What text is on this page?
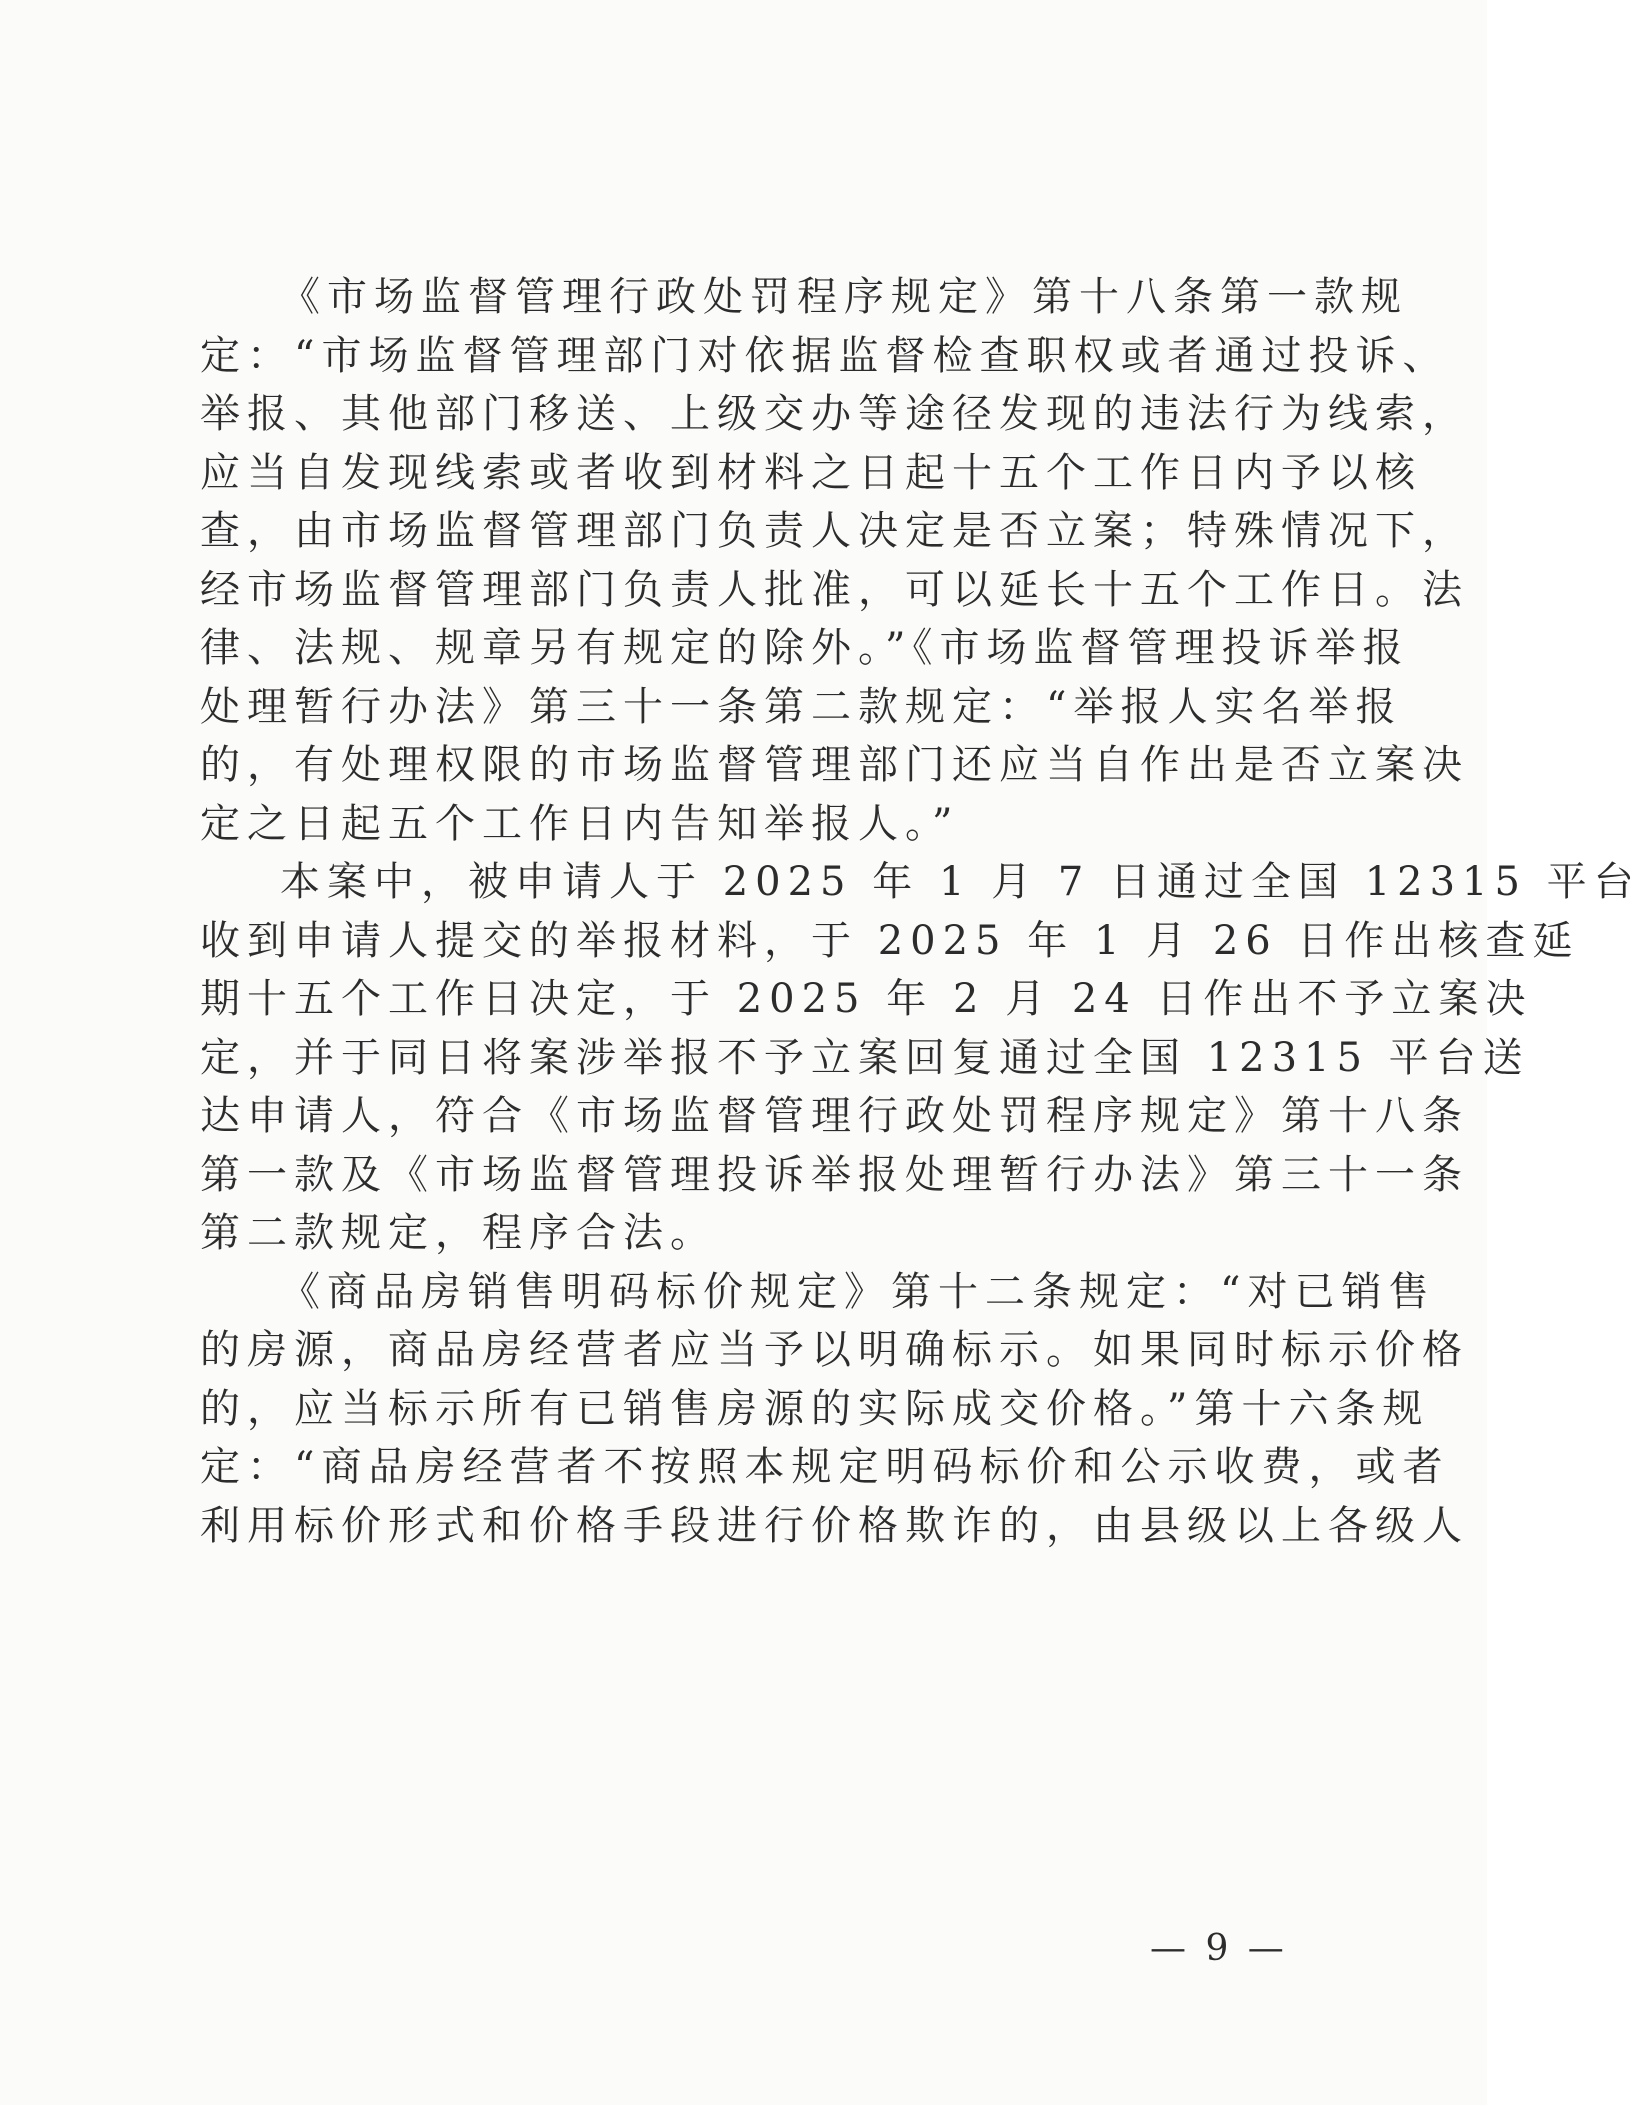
《市场监督管理行政处罚程序规定》第十八条第一款规
定：“市场监督管理部门对依据监督检查职权或者通过投诉、
举报、其他部门移送、上级交办等途径发现的违法行为线索，
应当自发现线索或者收到材料之日起十五个工作日内予以核
查，由市场监督管理部门负责人决定是否立案；特殊情况下，
经市场监督管理部门负责人批准，可以延长十五个工作日。法
律、法规、规章另有规定的除外。”《市场监督管理投诉举报
处理暂行办法》第三十一条第二款规定：“举报人实名举报
的，有处理权限的市场监督管理部门还应当自作出是否立案决
定之日起五个工作日内告知举报人。”
本案中，被申请人于 2025 年 1 月 7 日通过全国 12315 平台
收到申请人提交的举报材料，于 2025 年 1 月 26 日作出核查延
期十五个工作日决定，于 2025 年 2 月 24 日作出不予立案决
定，并于同日将案涉举报不予立案回复通过全国 12315 平台送
达申请人，符合《市场监督管理行政处罚程序规定》第十八条
第一款及《市场监督管理投诉举报处理暂行办法》第三十一条
第二款规定，程序合法。
《商品房销售明码标价规定》第十二条规定：“对已销售
的房源，商品房经营者应当予以明确标示。如果同时标示价格
的，应当标示所有已销售房源的实际成交价格。”第十六条规
定：“商品房经营者不按照本规定明码标价和公示收费，或者
利用标价形式和价格手段进行价格欺诈的，由县级以上各级人
— 9 —
